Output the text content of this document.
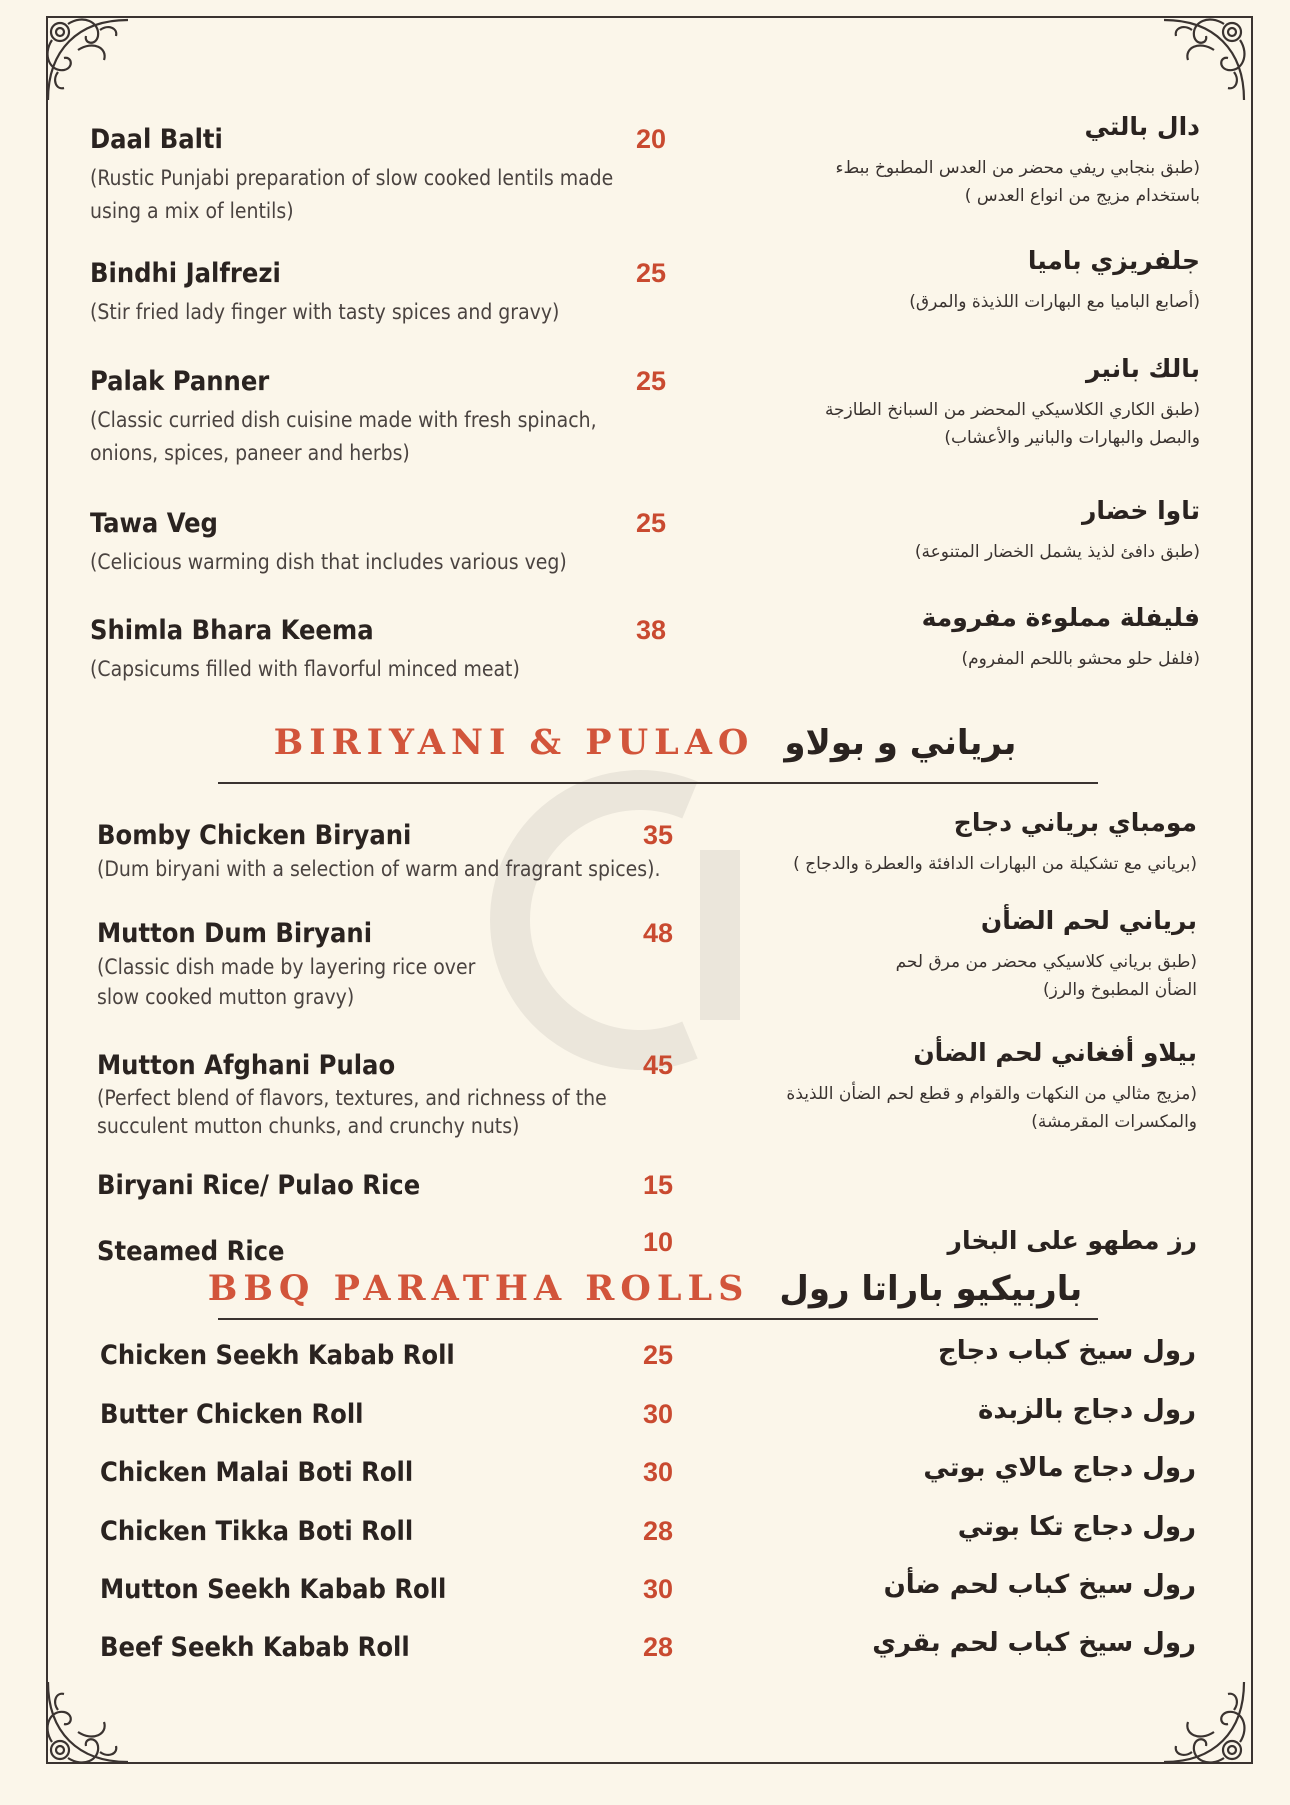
Daal Balti
(Rustic Punjabi preparation of slow cooked lentils made using a mix of lentils)
20	دال بالتي
(طبق بنجابي ريفي محضر من العدس المطبوخ ببطء باستخدام مزيج من انواع العدس )
Bindhi Jalfrezi
(Stir fried lady finger with tasty spices and gravy)
25	جلفريزي باميا
(أصابع الباميا مع البهارات اللذيذة والمرق)
Palak Panner
(Classic curried dish cuisine made with fresh spinach, onions, spices, paneer and herbs)
25	بالك بانير
(طبق الكاري الكلاسيكي المحضر من السبانخ الطازجة والبصل والبهارات والبانير والأعشاب)
Tawa Veg
(Celicious warming dish that includes various veg)
25	تاوا خضار
(طبق دافئ لذيذ يشمل الخضار المتنوعة)
Shimla Bhara Keema
(Capsicums filled with flavorful minced meat)
38	فليفلة مملوءة مفرومة
(فلفل حلو محشو باللحم المفروم)
BIRIYANI & PULAO برياني و بولاو
Bomby Chicken Biryani
(Dum biryani with a selection of warm and fragrant spices).
35	مومباي برياني دجاج
(برياني مع تشكيلة من البهارات الدافئة والعطرة والدجاج )
Mutton Dum Biryani
(Classic dish made by layering rice over slow cooked mutton gravy)
48	برياني لحم الضأن
(طبق برياني كلاسيكي محضر من مرق لحم الضأن المطبوخ والرز)
Mutton Afghani Pulao
(Perfect blend of flavors, textures, and richness of the succulent mutton chunks, and crunchy nuts)
45	بيلاو أفغاني لحم الضأن
(مزيج مثالي من النكهات والقوام و قطع لحم الضأن اللذيذة والمكسرات المقرمشة)
Biryani Rice/ Pulao Rice	15
Steamed Rice	10	رز مطهو على البخار
BBQ PARATHA ROLLS باربيكيو باراتا رول
Chicken Seekh Kabab Roll	25	رول سيخ كباب دجاج
Butter Chicken Roll	30	رول دجاج بالزبدة
Chicken Malai Boti Roll	30	رول دجاج مالاي بوتي
Chicken Tikka Boti Roll	28	رول دجاج تكا بوتي
Mutton Seekh Kabab Roll	30	رول سيخ كباب لحم ضأن
Beef Seekh Kabab Roll	28	رول سيخ كباب لحم بقري
